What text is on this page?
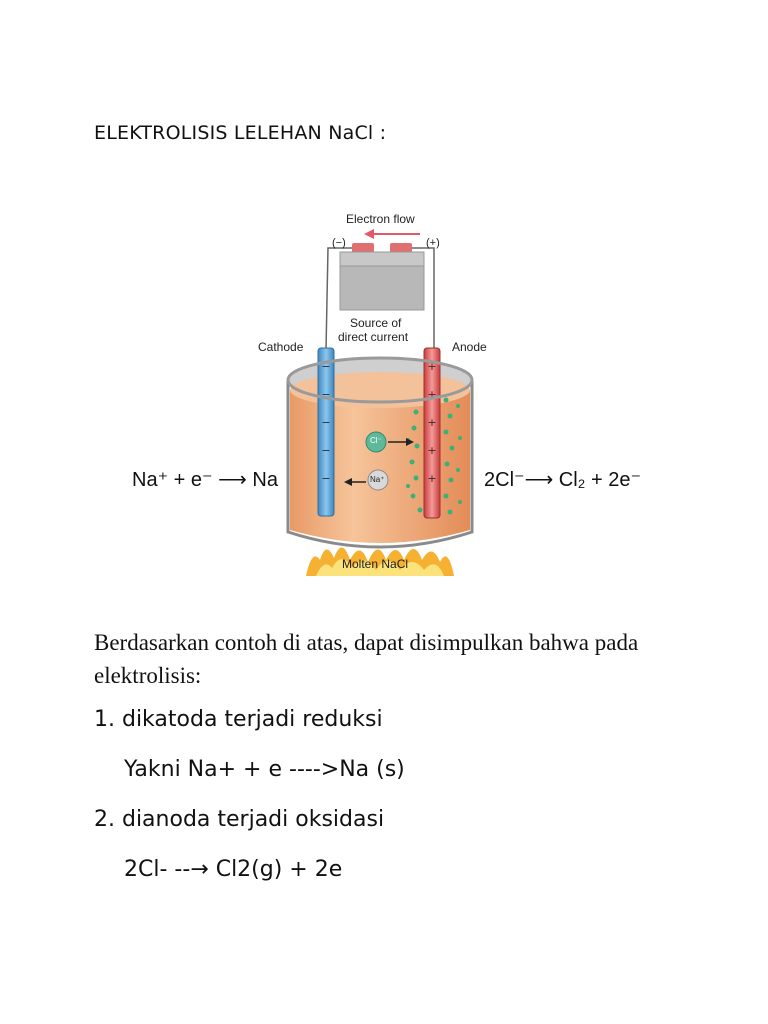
ELEKTROLISIS LELEHAN NaCl :
−
−
−
−
−
+
+
+
+
+
Electron flow
(−)	(+)
Source of
direct current
Cathode	Anode
Cl⁻
Na⁺
Molten NaCl
Na⁺ + e⁻ ⟶ Na	2Cl⁻⟶ Cl₂ + 2e⁻
Berdasarkan contoh di atas, dapat disimpulkan bahwa pada elektrolisis:
1. dikatoda terjadi reduksi
Yakni Na+ + e ---->Na (s)
2. dianoda terjadi oksidasi
2Cl- --→ Cl2(g) + 2e
